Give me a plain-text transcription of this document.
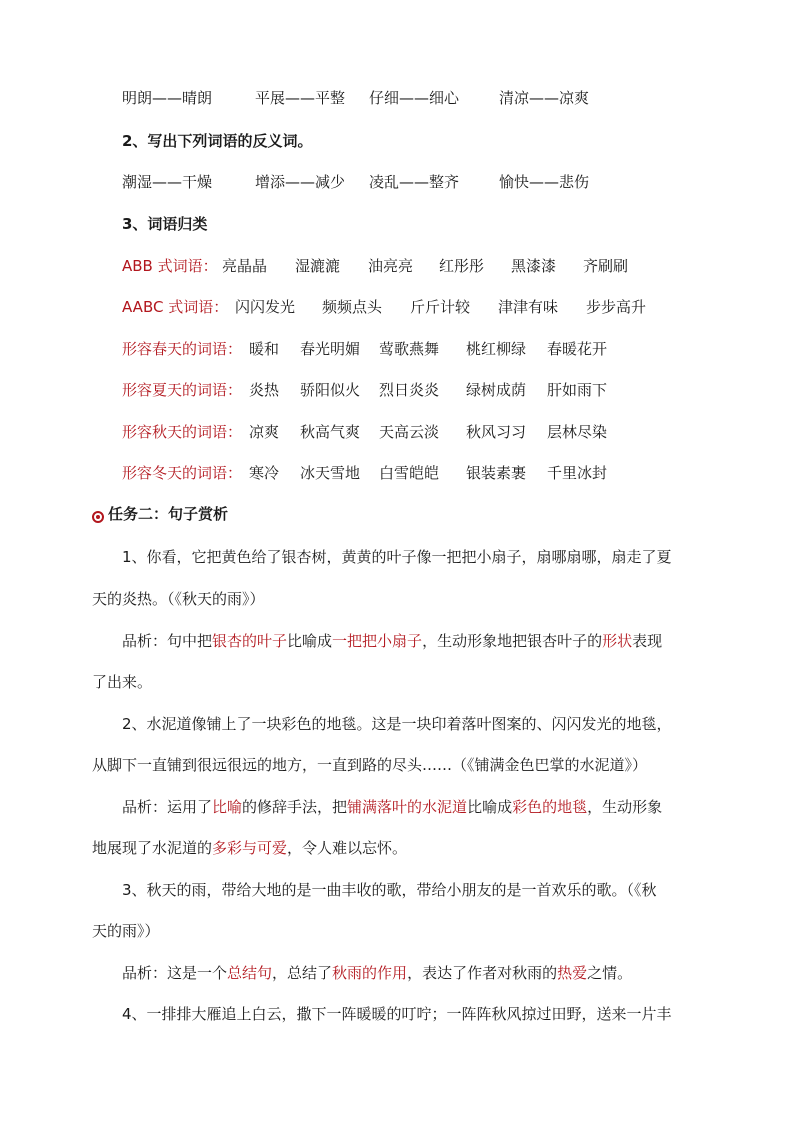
明朗——晴朗	平展——平整 仔细——细心	清凉——凉爽
2、写出下列词语的反义词。
潮湿——干燥	增添——减少 凌乱——整齐	愉快——悲伤
3、词语归类
ABB 式词语： 亮晶晶 湿漉漉 油亮亮 红彤彤 黑漆漆 齐刷刷
AABC 式词语： 闪闪发光 频频点头 斤斤计较 津津有味 步步高升
形容春天的词语： 暖和 春光明媚 莺歌燕舞 桃红柳绿 春暖花开
形容夏天的词语： 炎热 骄阳似火 烈日炎炎 绿树成荫 肝如雨下
形容秋天的词语： 凉爽 秋高气爽 天高云淡 秋风习习 层林尽染
形容冬天的词语： 寒冷 冰天雪地 白雪皑皑 银装素裹 千里冰封
任务二：句子赏析
1、你看，它把黄色给了银杏树，黄黄的叶子像一把把小扇子，扇哪扇哪，扇走了夏
天的炎热。（《秋天的雨》）
品析：句中把银杏的叶子比喻成一把把小扇子，生动形象地把银杏叶子的形状表现
了出来。
2、水泥道像铺上了一块彩色的地毯。这是一块印着落叶图案的、闪闪发光的地毯，
从脚下一直铺到很远很远的地方，一直到路的尽头……（《铺满金色巴掌的水泥道》）
品析：运用了比喻的修辞手法，把铺满落叶的水泥道比喻成彩色的地毯，生动形象
地展现了水泥道的多彩与可爱，令人难以忘怀。
3、秋天的雨，带给大地的是一曲丰收的歌，带给小朋友的是一首欢乐的歌。（《秋
天的雨》）
品析：这是一个总结句，总结了秋雨的作用，表达了作者对秋雨的热爱之情。
4、一排排大雁追上白云，撒下一阵暖暖的叮咛；一阵阵秋风掠过田野，送来一片丰
